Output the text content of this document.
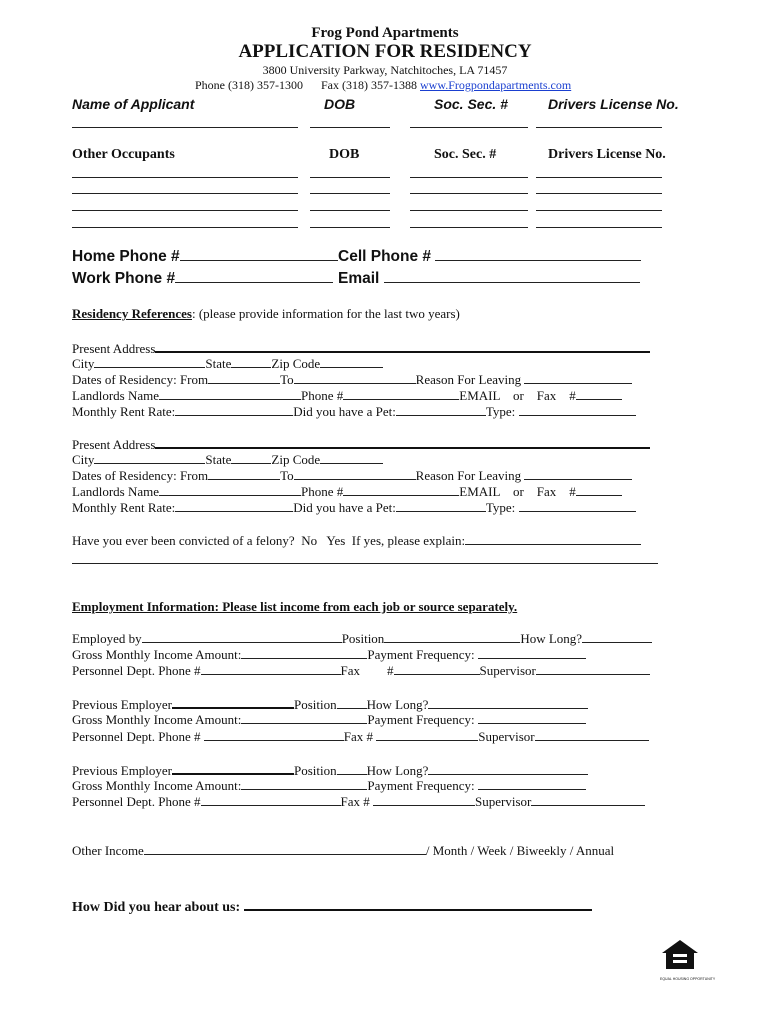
Frog Pond Apartments
APPLICATION FOR RESIDENCY
3800 University Parkway, Natchitoches, LA 71457
Phone (318) 357-1300 Fax (318) 357-1388 www.Frogpondapartments.com
Name of Applicant	DOB	Soc. Sec. #	Drivers License No.
Other Occupants	DOB	Soc. Sec. #	Drivers License No.
Home Phone #	Cell Phone #
Work Phone #	Email
Residency References: (please provide information for the last two years)
Present Address
City	State	Zip Code
Dates of Residency: From	To	Reason For Leaving
Landlords Name	Phone #	EMAIL    or    Fax    #
Monthly Rent Rate:	Did you have a Pet:	Type:
Present Address
City	State	Zip Code
Dates of Residency: From	To	Reason For Leaving
Landlords Name	Phone #	EMAIL    or    Fax    #
Monthly Rent Rate:	Did you have a Pet:	Type:
Have you ever been convicted of a felony?  No   Yes  If yes, please explain:
Employment Information: Please list income from each job or source separately.
Employed by	Position	How Long?
Gross Monthly Income Amount:	Payment Frequency:
Personnel Dept. Phone #	Fax #	Supervisor
Previous Employer	Position How Long?
Gross Monthly Income Amount:	Payment Frequency:
Personnel Dept. Phone #	Fax #	Supervisor
Previous Employer	Position How Long?
Gross Monthly Income Amount:	Payment Frequency:
Personnel Dept. Phone #	Fax #	Supervisor
Other Income	/ Month / Week / Biweekly / Annual
How Did you hear about us:
EQUAL HOUSING OPPORTUNITY
